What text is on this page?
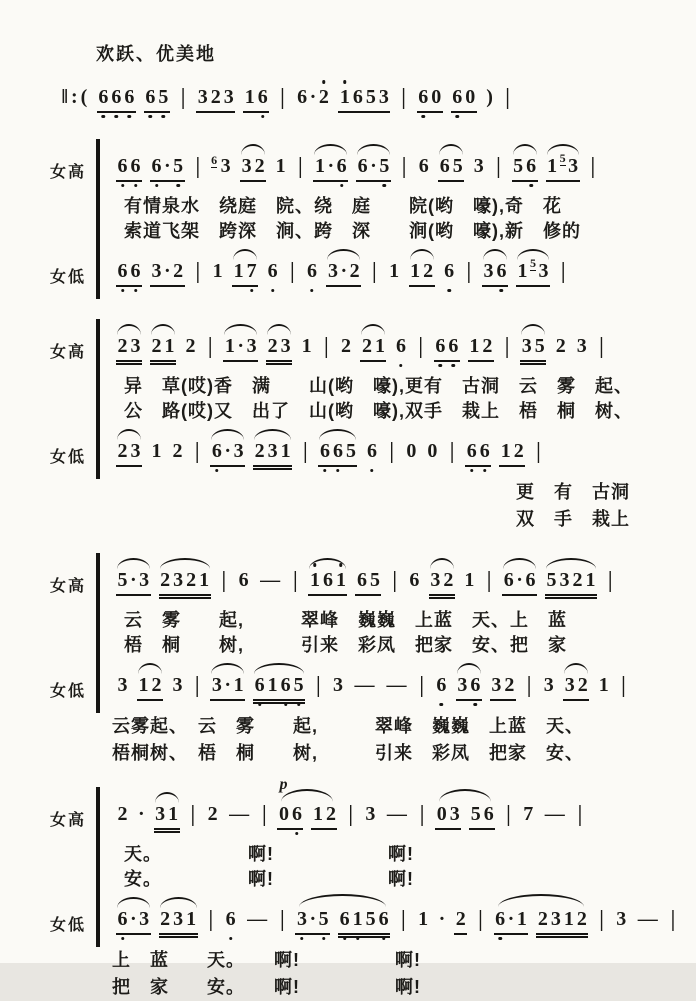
欢跃、优美地
‖ : ( 6 6 6 6 5 | 3 2 3 1 6 | 6 · 2 1 6 5 3 | 6 0 6 0 ) |
女高	6 6 6 · 5 | $^6$ 3 3 2 1 | 1 · 6 6 · 5 | 6 6 5 3 | 5 6 1 $^5$ 3 |
有情泉水　绕庭　院、绕　庭　　院(哟　嚎),奇　花
索道飞架　跨深　涧、跨　深　　涧(哟　嚎),新　修的
女低	6 6 3 · 2 | 1 1 7 6 | 6 3 · 2 | 1 1 2 6 | 3 6 1 $^5$ 3 |
女高	2 3 2 1 2 | 1 · 3 2 3 1 | 2 2 1 6 | 6 6 1 2 | 3 5 2 3 |
异　草(哎)香　满　　山(哟　嚎),更有　古洞　云　雾　起、
公　路(哎)又　出了　山(哟　嚎),双手　栽上　梧　桐　树、
女低	2 3 1 2 | 6 · 3 2 3 1 | 6 6 5 6 | 0 0 | 6 6 1 2 |
更　有　古洞
双　手　栽上
女高	5 · 3 2 3 2 1 | 6 — | 1 6 1 6 5 | 6 3 2 1 | 6 · 6 5 3 2 1 |
云　雾　　起,　　　翠峰　巍巍　上蓝　天、上　蓝
梧　桐　　树,　　　引来　彩凤　把家　安、把　家
女低	3 1 2 3 | 3 · 1 6 1 6 5 | 3 — — | 6 3 6 3 2 | 3 3 2 1 |
云雾起、　云　雾　　起,　　　翠峰　巍巍　上蓝　天、
梧桐树、　梧　桐　　树,　　　引来　彩凤　把家　安、
女高	2 · 3 1 | 2 — |
p
0 6 1 2 | 3 — | 0 3 5 6 | 7 — |
天。　　　　　啊!　　　　　　啊!
安。　　　　　啊!　　　　　　啊!
女低	6 · 3 2 3 1 | 6 — | 3 · 5 6 1 5 6 | 1 · 2 | 6 · 1 2 3 1 2 | 3 — |
上　蓝　　天。　　啊!　　　　　啊!
把　家　　安。　　啊!　　　　　啊!
